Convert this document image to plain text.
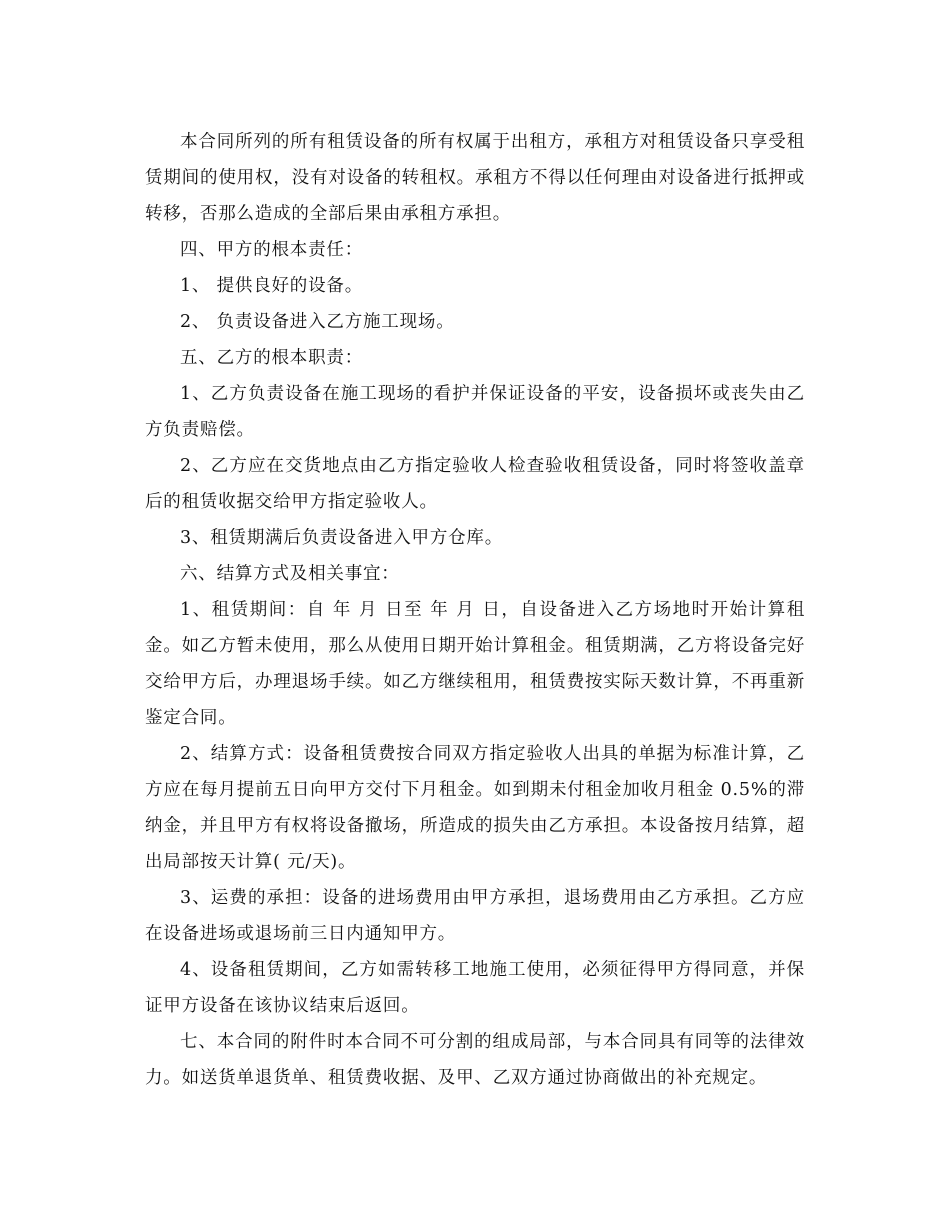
本合同所列的所有租赁设备的所有权属于出租方，承租方对租赁设备只享受租赁期间的使用权，没有对设备的转租权。承租方不得以任何理由对设备进行抵押或转移，否那么造成的全部后果由承租方承担。

四、甲方的根本责任：

1、 提供良好的设备。

2、 负责设备进入乙方施工现场。

五、乙方的根本职责：

1、乙方负责设备在施工现场的看护并保证设备的平安，设备损坏或丧失由乙方负责赔偿。

2、乙方应在交货地点由乙方指定验收人检查验收租赁设备，同时将签收盖章后的租赁收据交给甲方指定验收人。

3、租赁期满后负责设备进入甲方仓库。

六、结算方式及相关事宜：

1、租赁期间：自 年 月 日至 年 月 日，自设备进入乙方场地时开始计算租金。如乙方暂未使用，那么从使用日期开始计算租金。租赁期满，乙方将设备完好交给甲方后，办理退场手续。如乙方继续租用，租赁费按实际天数计算，不再重新鉴定合同。

2、结算方式：设备租赁费按合同双方指定验收人出具的单据为标准计算，乙方应在每月提前五日向甲方交付下月租金。如到期未付租金加收月租金 0.5%的滞纳金，并且甲方有权将设备撤场，所造成的损失由乙方承担。本设备按月结算，超出局部按天计算( 元/天)。

3、运费的承担：设备的进场费用由甲方承担，退场费用由乙方承担。乙方应在设备进场或退场前三日内通知甲方。

4、设备租赁期间，乙方如需转移工地施工使用，必须征得甲方得同意，并保证甲方设备在该协议结束后返回。

七、本合同的附件时本合同不可分割的组成局部，与本合同具有同等的法律效力。如送货单退货单、租赁费收据、及甲、乙双方通过协商做出的补充规定。
